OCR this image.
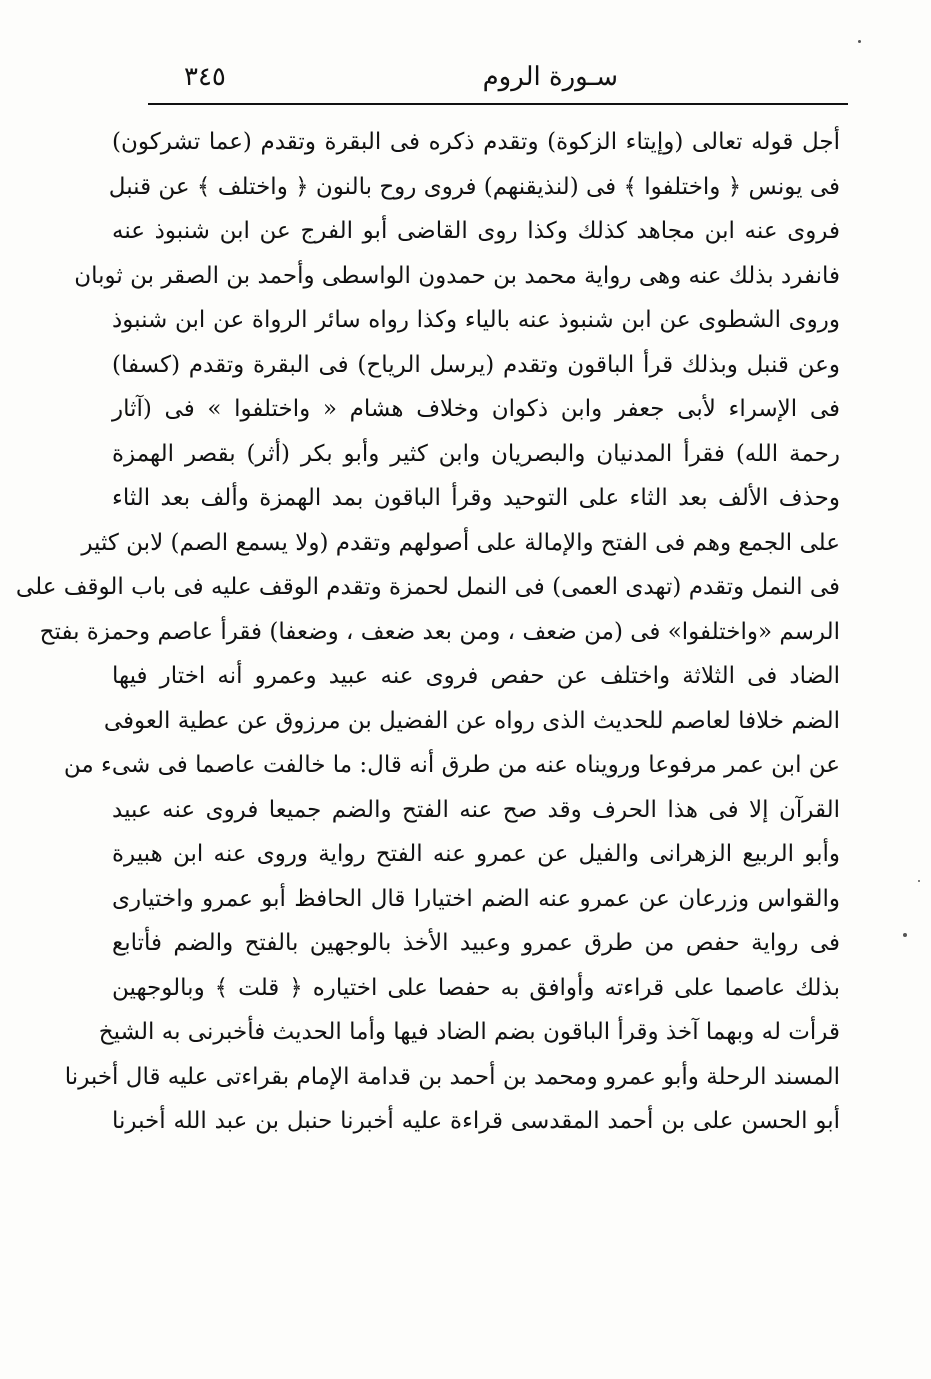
سـورة الروم
٣٤٥
أجل قوله تعالى (وإيتاء الزكوة) وتقدم ذكره فى البقرة وتقدم (عما تشركون)
فى يونس ﴿ واختلفوا ﴾ فى (لنذيقنهم) فروى روح بالنون ﴿ واختلف ﴾ عن قنبل
فروى عنه ابن مجاهد كذلك وكذا روى القاضى أبو الفرج عن ابن شنبوذ عنه
فانفرد بذلك عنه وهى رواية محمد بن حمدون الواسطى وأحمد بن الصقر بن ثوبان
وروى الشطوى عن ابن شنبوذ عنه بالياء وكذا رواه سائر الرواة عن ابن شنبوذ
وعن قنبل وبذلك قرأ الباقون وتقدم (يرسل الرياح) فى البقرة وتقدم (كسفا)
فى الإسراء لأبى جعفر وابن ذكوان وخلاف هشام « واختلفوا » فى (آثار
رحمة الله) فقرأ المدنيان والبصريان وابن كثير وأبو بكر (أثر) بقصر الهمزة
وحذف الألف بعد الثاء على التوحيد وقرأ الباقون بمد الهمزة وألف بعد الثاء
على الجمع وهم فى الفتح والإمالة على أصولهم وتقدم (ولا يسمع الصم) لابن كثير
فى النمل وتقدم (تهدى العمى) فى النمل لحمزة وتقدم الوقف عليه فى باب الوقف على
الرسم «واختلفوا» فى (من ضعف ، ومن بعد ضعف ، وضعفا) فقرأ عاصم وحمزة بفتح
الضاد فى الثلاثة واختلف عن حفص فروى عنه عبيد وعمرو أنه اختار فيها
الضم خلافا لعاصم للحديث الذى رواه عن الفضيل بن مرزوق عن عطية العوفى
عن ابن عمر مرفوعا ورويناه عنه من طرق أنه قال: ما خالفت عاصما فى شىء من
القرآن إلا فى هذا الحرف وقد صح عنه الفتح والضم جميعا فروى عنه عبيد
وأبو الربيع الزهرانى والفيل عن عمرو عنه الفتح رواية وروى عنه ابن هبيرة
والقواس وزرعان عن عمرو عنه الضم اختيارا قال الحافظ أبو عمرو واختيارى
فى رواية حفص من طرق عمرو وعبيد الأخذ بالوجهين بالفتح والضم فأتابع
بذلك عاصما على قراءته وأوافق به حفصا على اختياره ﴿ قلت ﴾ وبالوجهين
قرأت له وبهما آخذ وقرأ الباقون بضم الضاد فيها وأما الحديث فأخبرنى به الشيخ
المسند الرحلة وأبو عمرو ومحمد بن أحمد بن قدامة الإمام بقراءتى عليه قال أخبرنا
أبو الحسن على بن أحمد المقدسى قراءة عليه أخبرنا حنبل بن عبد الله أخبرنا
